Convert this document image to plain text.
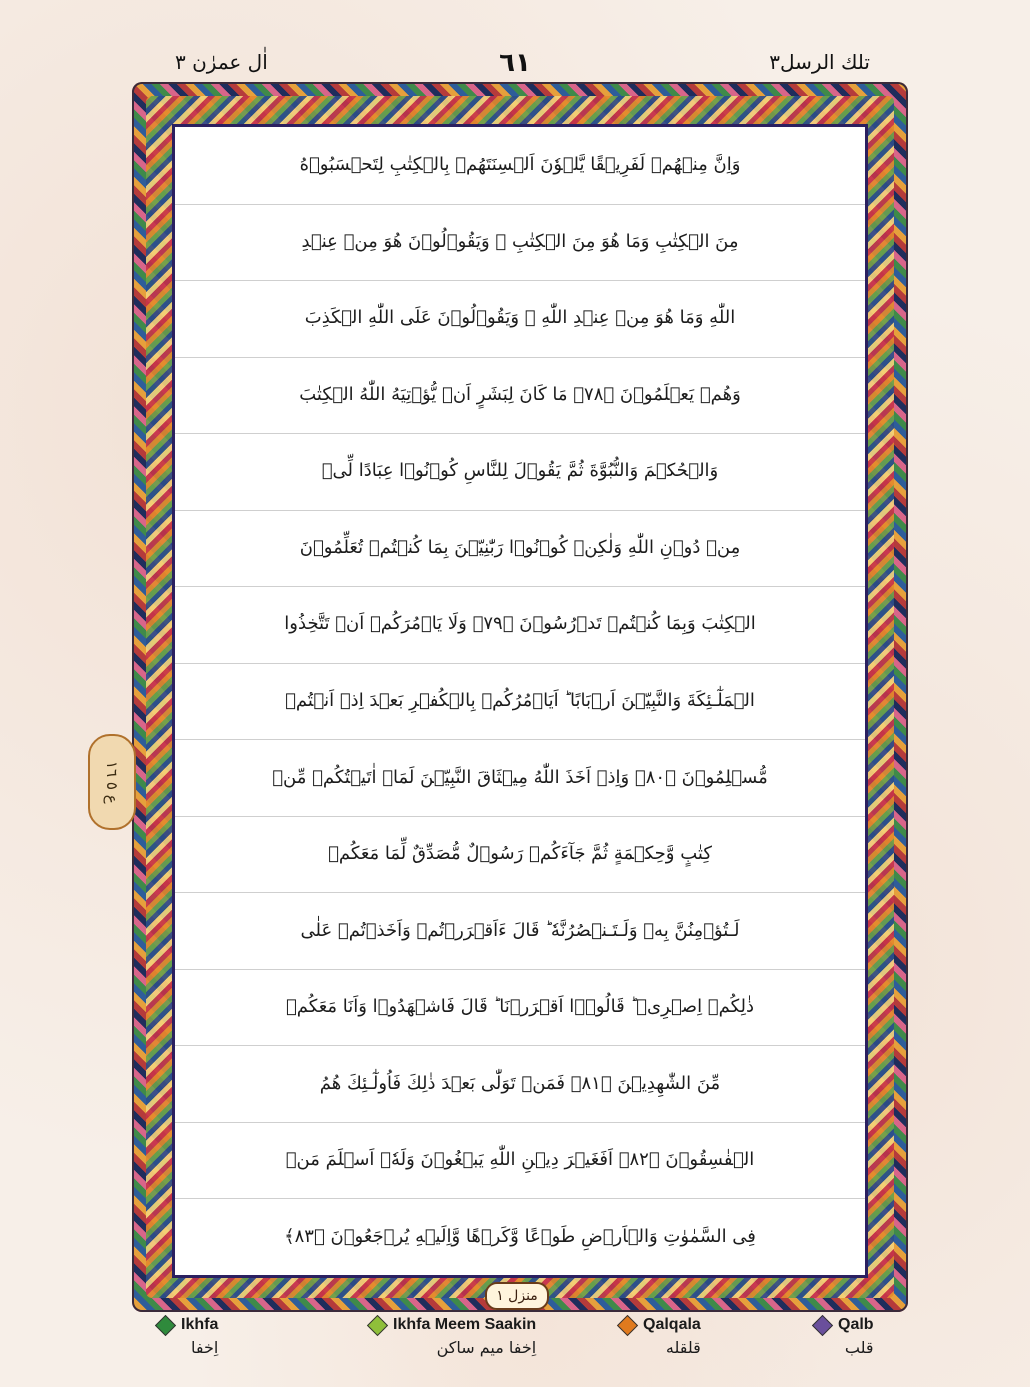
تلك الرسل٣
٦١
اٰل عمرٰن ٣
وَاِنَّ مِنۡهُمۡ لَفَرِيۡقًا يَّلۡوٗنَ اَلۡسِنَتَهُمۡ بِالۡكِتٰبِ لِتَحۡسَبُوۡهُ
مِنَ الۡكِتٰبِ وَمَا هُوَ مِنَ الۡكِتٰبِ ۚ وَيَقُوۡلُوۡنَ هُوَ مِنۡ عِنۡدِ
اللّٰهِ وَمَا هُوَ مِنۡ عِنۡدِ اللّٰهِ ۚ وَيَقُوۡلُوۡنَ عَلَى اللّٰهِ الۡكَذِبَ
وَهُمۡ يَعۡلَمُوۡنَ ﴿٧٨﴾ مَا كَانَ لِبَشَرٍ اَنۡ يُّؤۡتِيَهُ اللّٰهُ الۡكِتٰبَ
وَالۡحُكۡمَ وَالنُّبُوَّةَ ثُمَّ يَقُوۡلَ لِلنَّاسِ كُوۡنُوۡا عِبَادًا لِّىۡ
مِنۡ دُوۡنِ اللّٰهِ وَلٰكِنۡ كُوۡنُوۡا رَبّٰنِيّٖنَ بِمَا كُنۡتُمۡ تُعَلِّمُوۡنَ
الۡكِتٰبَ وَبِمَا كُنۡتُمۡ تَدۡرُسُوۡنَ ﴿٧٩﴾ وَلَا يَاۡمُرَكُمۡ اَنۡ تَتَّخِذُوا
الۡمَلٰٓـئِكَةَ وَالنَّبِيّٖنَ اَرۡبَابًا ؕ اَيَاۡمُرُكُمۡ بِالۡكُفۡرِ بَعۡدَ اِذۡ اَنۡتُمۡ
مُّسۡلِمُوۡنَ ﴿٨٠﴾ وَاِذۡ اَخَذَ اللّٰهُ مِيۡثَاقَ النَّبِيّٖنَ لَمَاۤ اٰتَيۡتُكُمۡ مِّنۡ
كِتٰبٍ وَّحِكۡمَةٍ ثُمَّ جَآءَكُمۡ رَسُوۡلٌ مُّصَدِّقٌ لِّمَا مَعَكُمۡ
لَـتُؤۡمِنُنَّ بِهٖ وَلَـتَـنۡصُرُنَّهٗ ؕ قَالَ ءَاَقۡرَرۡتُمۡ وَاَخَذۡتُمۡ عَلٰى
ذٰلِكُمۡ اِصۡرِىۡ ؕ قَالُوۡۤا اَقۡرَرۡنَا ؕ قَالَ فَاشۡهَدُوۡا وَاَنَا مَعَكُمۡ
مِّنَ الشّٰهِدِيۡنَ ﴿٨١﴾ فَمَنۡ تَوَلّٰى بَعۡدَ ذٰلِكَ فَاُولٰٓـئِكَ هُمُ
الۡفٰسِقُوۡنَ ﴿٨٢﴾ اَفَغَيۡرَ دِيۡنِ اللّٰهِ يَبۡغُوۡنَ وَلَهٗۤ اَسۡلَمَ مَنۡ
فِى السَّمٰوٰتِ وَالۡاَرۡضِ طَوۡعًا وَّكَرۡهًا وَّاِلَيۡهِ يُرۡجَعُوۡنَ ﴿٨٣﴾
ع ٥ ١٦
منزل ١
Ikhfa
اِخفا
Ikhfa Meem Saakin
اِخفا میم ساکن
Qalqala
قلقله
Qalb
قلب
